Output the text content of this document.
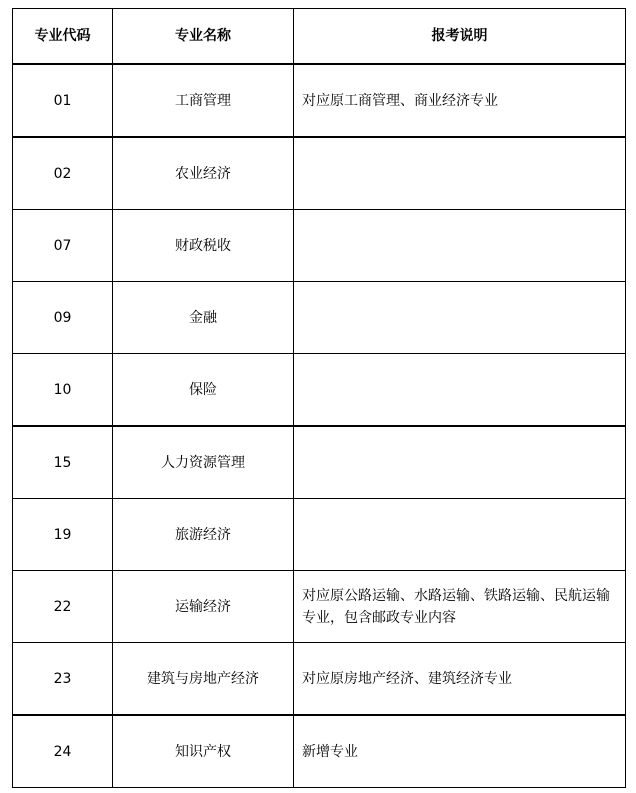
专业代码	专业名称	报考说明
01	工商管理	对应原工商管理、商业经济专业
02	农业经济	
07	财政税收	
09	金融	
10	保险	
15	人力资源管理	
19	旅游经济	
22	运输经济	对应原公路运输、水路运输、铁路运输、民航运输专业，包含邮政专业内容
23	建筑与房地产经济	对应原房地产经济、建筑经济专业
24	知识产权	新增专业
